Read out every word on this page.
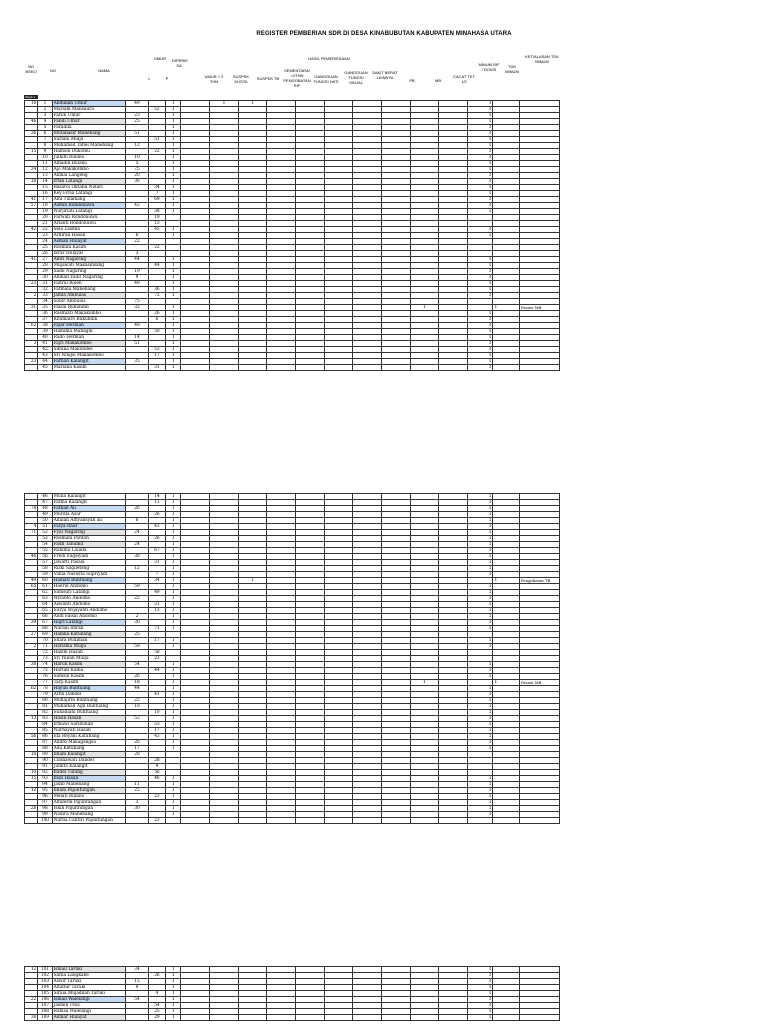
REGISTER PEMBERIAN SDR DI DESA KINABUBUTAN KABUPATEN MINAHASA UTARA
NO BSKO	NO	NAMA
UMUR
L	P
DIPERIK SA
HASIL PEMERIKSAAN
UMUR < 2 THN
SUSPEK KUSTA
SUSPEK TB
SEMENTARA/ <2THN PENGOBATAN RIF
GANGGUAN FUNGSI HATI
GANGGUAN FUNGSI GINJAL
SAKIT BERAT LAINNYA
PB	MB
CACAT TKT 1/2
MINUM RIF / DOSIS
TDK MINUM
KET/ALASAN TDK MINUM
Week 1
16	1	Abdullah Umur	49		1		1	1								1		
	2	Mariam Mansaura		52	1											1		
	3	Faridi Umur	23		1											1		
46	4	Fandi Umur	25		1											1		
	5	Faradila			1											1		
36	6	Mutahasir Manebang	51		1											1		
	7	Suriani Mulju		51	1											1		
	8	Muhamad Tafiel Manebang	12		1											1		
15	9	Hamsin Dukomu		22	1											1		
	10	Julkifli Bulano	10		1											1		
	11	Alfiadin Bulano	5		1											1		
24	12	Ajo Makakombo	75		1											1		
	13	Akmal Langeng	20		1											1		
18	14	Irfan Latangi	36		1											1		
	15	Basaroi Oktafia Natari		34	1											1		
	16	Key Firsa Latangi		7	1											1		
41	17	Aini Tulamang		69	1											1		
57	18	Asmin Rondonuwu	42		1											1		
	19	Nurjiriati Latangi		38	1											1		
	20	Farwati Rondonuwu		19														
	21	Arianti Rondonuwu		13														
42	22	Sela Lasena		45	1											1		
	23	Ardiran Hasan	6		1											1		
	24	Asman Hulayat	22															
	25	Rosmini Kasim		22														
	26	Ikrar Hulayat	3															
41	27	Amri Nagaring	44		1											1		
	28	Mujawati Makasinsang		44	1											1		
	29	Sadil Nagaring	19		1											1		
	30	Ahmad Fadil Nagaring	9		1											1		
23	31	Fahrul Rolen	49		1											1		
	32	Fatmala Manebang		36	1											1		
2	33	Jamla Ambulas		72	1											1		
	34	Sobir Ambulas	75															
31	35	Faisal Rukundin	32		1									1			1	Pasien MB
	36	Rasmiati Makakombo		26	1											1		
	37	Khumairo Rukundin		6	1											1		
62	38	Fajar Herman	48		1											1		
	39	Hamima Mahagin		50	1											1		
	40	Rado Herman	14		1											1		
3	41	Fajri Makakombo	51		1											1		
	42	Silfana Makondes		53	1											1		
	43	Sri Ningsi Makakombo		17	1											1		
23	44	Farhan Kalangit	35		1											1		
	45	Mariana Kasim		31	1											1		
	46	Mulia Kalangit		14	1											1		
	47	Fatma Kalangit		11	1											1		
78	48	Fathan Ali	26		1											1		
	49	Murdla Asar		26	1											1		
	50	Alfalah Alfiyansyah ali	6		1											1		
4	51	Fatya Rauf		43	1											1		
71	52	Fyal Nagaring	24		1											1		
	53	Rosmani Pontoh		26	1											1		
	54	Fadli Tahumil	24		1											1		
	55	Rahima Laiuda		67	1											1		
46	56	Fredi Sugeiyadi	38		1											1		
	57	Jawarti Pasala		31	1											1		
	58	Rizki Sagileteng	12		1											1		
	59	Vania Naswita Supriyadi		7	1											1		
49	60	Hadiati Buntuang		34	1			1									1	Pengobatan TB
65	61	Haerul Andomo	59		1											1		
	62	Samsuri Latangi		49	1											1		
	63	Wiranto Andomo	22		1											1		
	64	Aswanti Andomo		21	1											1		
	65	Surya Wijayanti Andomo		13	1											1		
	66	Andi Faisal Andomo	2		1											1		
39	67	Hajri Latangi	30		1											1		
	68	Nurani Imran		71	1											1		
27	69	Hamka Katubang	25															
	70	Shara Budiman		17	1											1		
2	71	Harisma Mulju	59		1											1		
	72	Hasim Hasan		58														
	73	Sri Yulian Mulju		23														
38	74	Harun Kasim	54		1											1		
	75	Hartati Kadia		44	1											1		
	76	Samsul Kasim	26		1											1		
	77	Tarji Kasim	18		1									1			1	Pasien MB
62	78	Hayun Buntuang	44		1											1		
	79	Arfin Dandel		41	1											1		
	80	Muhajirin Buntuang	22		1											1		
	81	Muhamad Agil Buntuang	18		1											1		
	82	Suhadiani Buntuang		10	1											1		
13	83	Hasin Hasan	52		1											1		
	84	Irmawi Saribuhan		53	1											1		
	85	Nurhayati Hasan		17	1											1		
56	86	Ida Reyani Katubang		43	1											1		
	87	Andre Makagangsa	26		1											1		
	88	Ada Katubang	17		1											1		
18	89	Ilham Kalangit	28															
	90	Cindiawati Dandel		28														
	91	Jumita Kalangit		9														
10	92	Ifadel Tulung		56														
15	93	Ilsin Hasan		46	1											1		
	94	Jadib Manebang	11		1											1		
12	95	Ilham Pajuntungan	25		1											1		
	96	Meiati Bulano		23	1											1		
	97	Alfaferik Pajuntungan	3		1											1		
28	98	Iskin Pajuntungan	30		1											1		
	99	Nadira Manebang			1											1		
	100	Nurlia Cantiri Pajuntungan		23														
12	101	Ismail Taruki	34		1											1		
	102	Safna Langkabe		26	1											1		
	103	Aswir Taruki	15		1											1		
	104	Alfathir Taruki	9		1											1		
	105	Siraia Mujadilah Taruki		4	1											1		
22	106	Ismail Walelangi	54		1											1		
	107	Jasmin Unis		54	1											1		
	108	Ramsa Walelangi		25	1											1		
38	109	Akmar Hulayat		29	1											1		
